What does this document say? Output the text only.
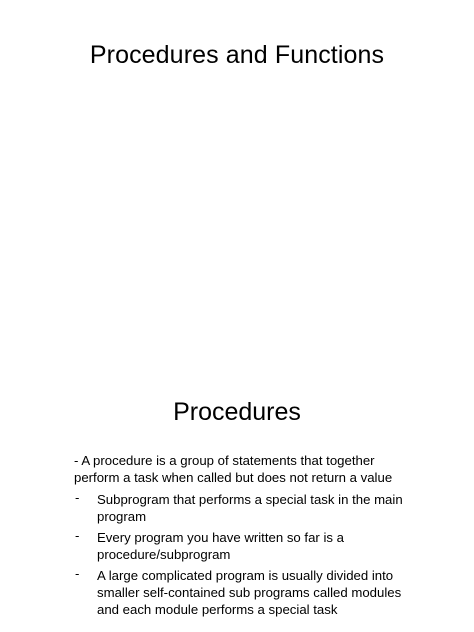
Procedures and Functions
Procedures
- A procedure is a group of statements that together perform a task when called but does not return a value
- Subprogram that performs a special task in the main program
- Every program you have written so far is a procedure/subprogram
- A large complicated program is usually divided into smaller self-contained sub programs called modules and each module performs a special task
